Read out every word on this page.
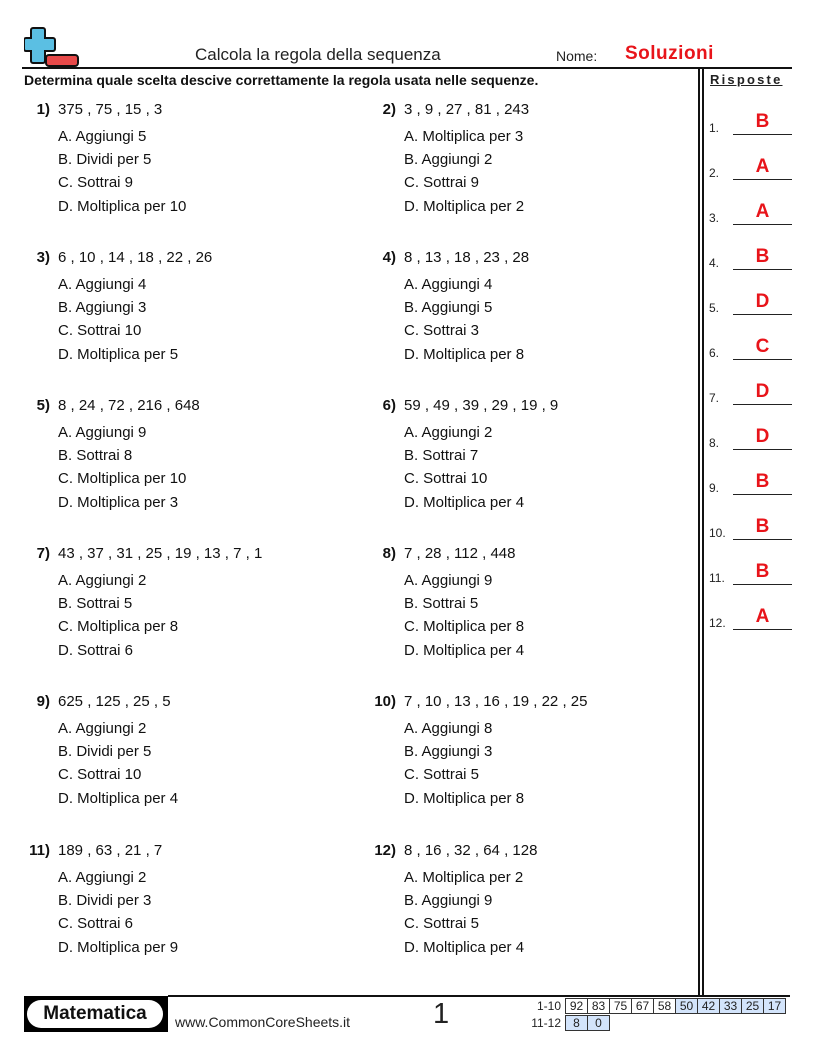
Calcola la regola della sequenza	Nome: Soluzioni
Determina quale scelta descive correttamente la regola usata nelle sequenze.	Risposte
1.	B
2.	A
3.	A
4.	B
5.	D
6.	C
7.	D
8.	D
9.	B
10.	B
11.	B
12.	A
1) 375 , 75 , 15 , 3
A. Aggiungi 5
B. Dividi per 5
C. Sottrai 9
D. Moltiplica per 10
2) 3 , 9 , 27 , 81 , 243
A. Moltiplica per 3
B. Aggiungi 2
C. Sottrai 9
D. Moltiplica per 2
3) 6 , 10 , 14 , 18 , 22 , 26
A. Aggiungi 4
B. Aggiungi 3
C. Sottrai 10
D. Moltiplica per 5
4) 8 , 13 , 18 , 23 , 28
A. Aggiungi 4
B. Aggiungi 5
C. Sottrai 3
D. Moltiplica per 8
5) 8 , 24 , 72 , 216 , 648
A. Aggiungi 9
B. Sottrai 8
C. Moltiplica per 10
D. Moltiplica per 3
6) 59 , 49 , 39 , 29 , 19 , 9
A. Aggiungi 2
B. Sottrai 7
C. Sottrai 10
D. Moltiplica per 4
7) 43 , 37 , 31 , 25 , 19 , 13 , 7 , 1
A. Aggiungi 2
B. Sottrai 5
C. Moltiplica per 8
D. Sottrai 6
8) 7 , 28 , 112 , 448
A. Aggiungi 9
B. Sottrai 5
C. Moltiplica per 8
D. Moltiplica per 4
9) 625 , 125 , 25 , 5
A. Aggiungi 2
B. Dividi per 5
C. Sottrai 10
D. Moltiplica per 4
10) 7 , 10 , 13 , 16 , 19 , 22 , 25
A. Aggiungi 8
B. Aggiungi 3
C. Sottrai 5
D. Moltiplica per 8
11) 189 , 63 , 21 , 7
A. Aggiungi 2
B. Dividi per 3
C. Sottrai 6
D. Moltiplica per 9
12) 8 , 16 , 32 , 64 , 128
A. Moltiplica per 2
B. Aggiungi 9
C. Sottrai 5
D. Moltiplica per 4
Matematica	www.CommonCoreSheets.it	1	1-10 92 83 75 67 58 50 42 33 25 17
11-12	8	0
